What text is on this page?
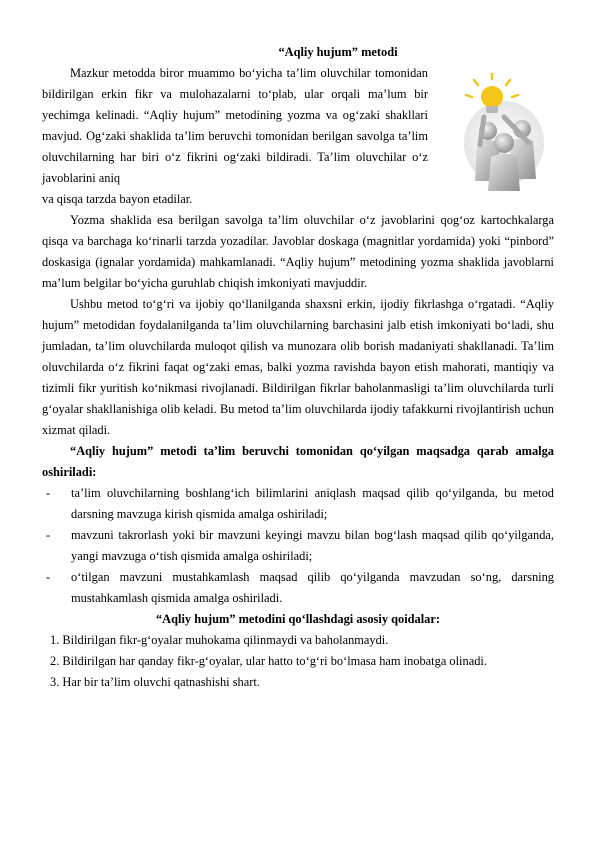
“Aqliy hujum” metodi

Mazkur metodda biror muammo bo‘yicha ta’lim oluvchilar tomonidan bildirilgan erkin fikr va mulohazalarni to‘plab, ular orqali ma’lum bir yechimga kelinadi. “Aqliy hujum” metodining yozma va og‘zaki shakllari mavjud. Og‘zaki shaklida ta’lim beruvchi tomonidan berilgan savolga ta’lim oluvchilarning har biri o‘z fikrini og‘zaki bildiradi. Ta’lim oluvchilar o‘z javoblarini aniq

va qisqa tarzda bayon etadilar.

Yozma shaklida esa berilgan savolga ta’lim oluvchilar o‘z javoblarini qog‘oz kartochkalarga qisqa va barchaga ko‘rinarli tarzda yozadilar. Javoblar doskaga (magnitlar yordamida) yoki “pinbord” doskasiga (ignalar yordamida) mahkamlanadi. “Aqliy hujum” metodining yozma shaklida javoblarni ma’lum belgilar bo‘yicha guruhlab chiqish imkoniyati mavjuddir.

Ushbu metod to‘g‘ri va ijobiy qo‘llanilganda shaxsni erkin, ijodiy fikrlashga o‘rgatadi. “Aqliy hujum” metodidan foydalanilganda ta’lim oluvchilarning barchasini jalb etish imkoniyati bo‘ladi, shu jumladan, ta’lim oluvchilarda muloqot qilish va munozara olib borish madaniyati shakllanadi. Ta’lim oluvchilarda o‘z fikrini faqat og‘zaki emas, balki yozma ravishda bayon etish mahorati, mantiqiy va tizimli fikr yuritish ko‘nikmasi rivojlanadi. Bildirilgan fikrlar baholanmasligi ta’lim oluvchilarda turli g‘oyalar shakllanishiga olib keladi. Bu metod ta’lim oluvchilarda ijodiy tafakkurni rivojlantirish uchun xizmat qiladi.

“Aqliy hujum” metodi ta’lim beruvchi tomonidan qo‘yilgan maqsadga qarab amalga oshiriladi:

- ta’lim oluvchilarning boshlang‘ich bilimlarini aniqlash maqsad qilib qo‘yilganda, bu metod darsning mavzuga kirish qismida amalga oshiriladi;
- mavzuni takrorlash yoki bir mavzuni keyingi mavzu bilan bog‘lash maqsad qilib qo‘yilganda, yangi mavzuga o‘tish qismida amalga oshiriladi;
- o‘tilgan mavzuni mustahkamlash maqsad qilib qo‘yilganda mavzudan so‘ng, darsning mustahkamlash qismida amalga oshiriladi.

“Aqliy hujum” metodini qo‘llashdagi asosiy qoidalar:

1. Bildirilgan fikr-g‘oyalar muhokama qilinmaydi va baholanmaydi.
2. Bildirilgan har qanday fikr-g‘oyalar, ular hatto to‘g‘ri bo‘lmasa ham inobatga olinadi.
3. Har bir ta’lim oluvchi qatnashishi shart.
